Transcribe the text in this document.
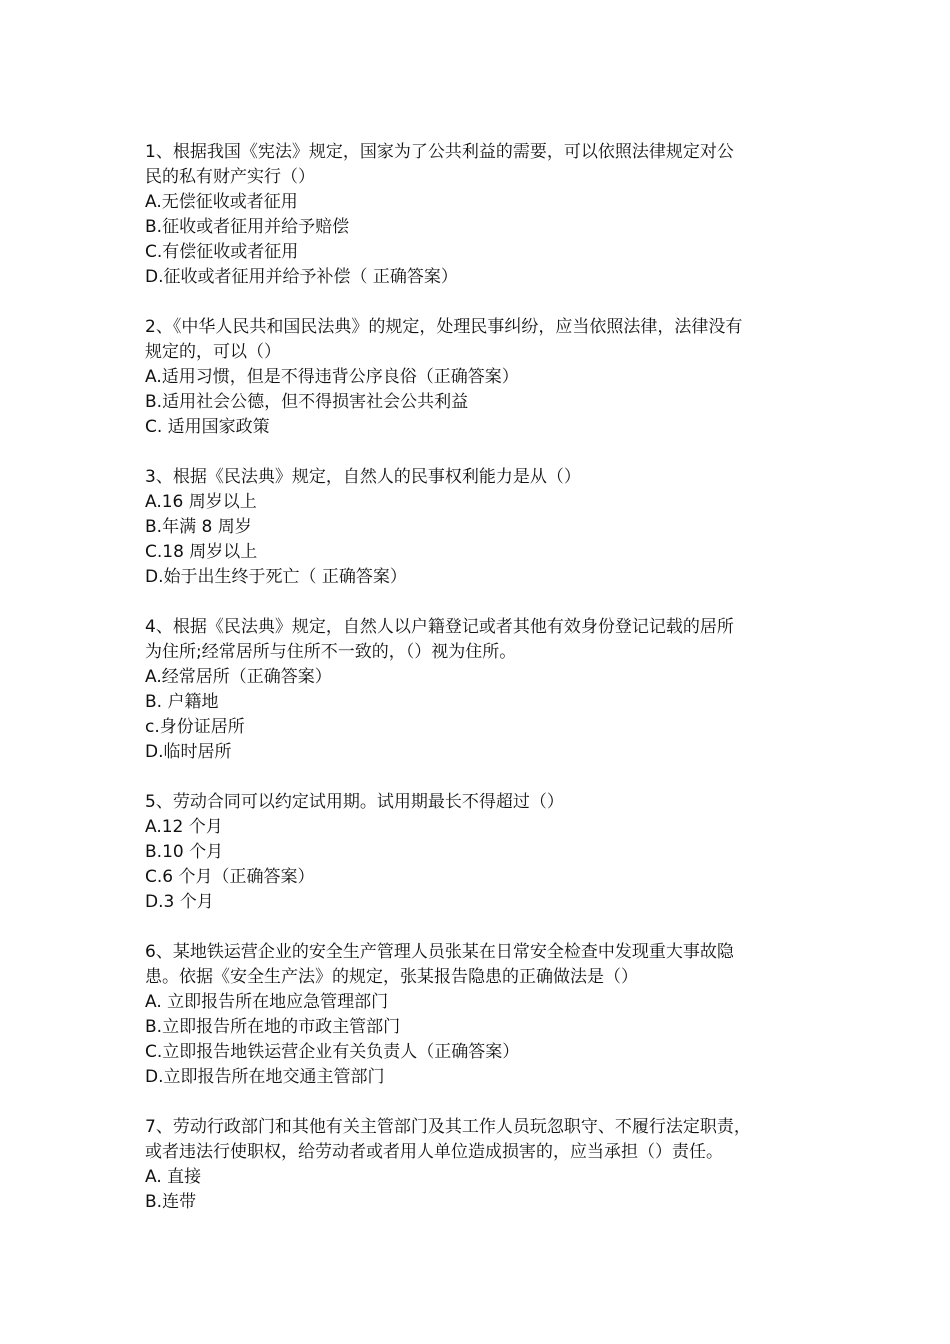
1、根据我国《宪法》规定，国家为了公共利益的需要，可以依照法律规定对公

民的私有财产实行（）

A.无偿征收或者征用

B.征收或者征用并给予赔偿

C.有偿征收或者征用

D.征收或者征用并给予补偿（ 正确答案）

2、《中华人民共和国民法典》的规定，处理民事纠纷，应当依照法律，法律没有

规定的，可以（）

A.适用习惯，但是不得违背公序良俗（正确答案）

B.适用社会公德，但不得损害社会公共利益

C. 适用国家政策

3、根据《民法典》规定，自然人的民事权利能力是从（）

A.16 周岁以上

B.年满 8 周岁

C.18 周岁以上

D.始于出生终于死亡（ 正确答案）

4、根据《民法典》规定，自然人以户籍登记或者其他有效身份登记记载的居所

为住所;经常居所与住所不一致的，（）视为住所。

A.经常居所（正确答案）

B. 户籍地

c.身份证居所

D.临时居所

5、劳动合同可以约定试用期。试用期最长不得超过（）

A.12 个月

B.10 个月

C.6 个月（正确答案）

D.3 个月

6、某地铁运营企业的安全生产管理人员张某在日常安全检查中发现重大事故隐

患。依据《安全生产法》的规定，张某报告隐患的正确做法是（）

A. 立即报告所在地应急管理部门

B.立即报告所在地的市政主管部门

C.立即报告地铁运营企业有关负责人（正确答案）

D.立即报告所在地交通主管部门

7、劳动行政部门和其他有关主管部门及其工作人员玩忽职守、不履行法定职责，

或者违法行使职权，给劳动者或者用人单位造成损害的，应当承担（）责任。

A. 直接

B.连带
